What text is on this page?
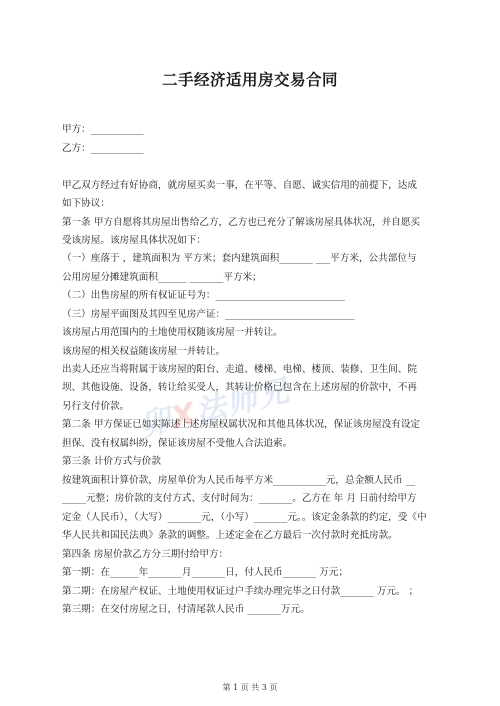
二手经济适用房交易合同
甲方：___________
乙方：___________
甲乙双方经过有好协商，就房屋买卖一事，在平等、自愿、诚实信用的前提下，达成
如下协议：
第一条 甲方自愿将其房屋出售给乙方，乙方也已充分了解该房屋具体状况，并自愿买
受该房屋。该房屋具体状况如下：
（一）座落于 ，建筑面积为 平方米；套内建筑面积_______ ___平方米，公共部位与
公用房屋分摊建筑面积______ _______平方米；
（二）出售房屋的所有权证证号为：___________________________
（三）房屋平面图及其四至见房产证：___________________________
该房屋占用范围内的土地使用权随该房屋一并转让。
该房屋的相关权益随该房屋一并转让。
出卖人还应当将附属于该房屋的阳台、走道、楼梯、电梯、楼顶、装修、卫生间、院
坝、其他设施、设备，转让给买受人，其转让价格已包含在上述房屋的价款中，不再
另行支付价款。
第二条 甲方保证已如实陈述上述房屋权属状况和其他具体状况，保证该房屋没有设定
担保、没有权属纠纷，保证该房屋不受他人合法追索。
第三条 计价方式与价款
按建筑面积计算价款，房屋单价为人民币每平方米___________元，总金额人民币 __
_____元整；房价款的支付方式、支付时间为：_______。乙方在 年 月 日前付给甲方
定金（人民币），（大写）_______元，（小写）_______元。。该定金条款的约定，受《中
华人民共和国民法典》条款的调整。上述定金在乙方最后一次付款时充抵房款。
第四条 房屋价款乙方分三期付给甲方：
第一期：在______年_______月_______日，付人民币_______ 万元；
第二期：在房屋产权证、土地使用权证过户手续办理完毕之日付款_______ 万元。 ；
第三期：在交付房屋之日，付清尾款人民币 _______万元。
卯X法师兄
第 1 页 共 3 页
